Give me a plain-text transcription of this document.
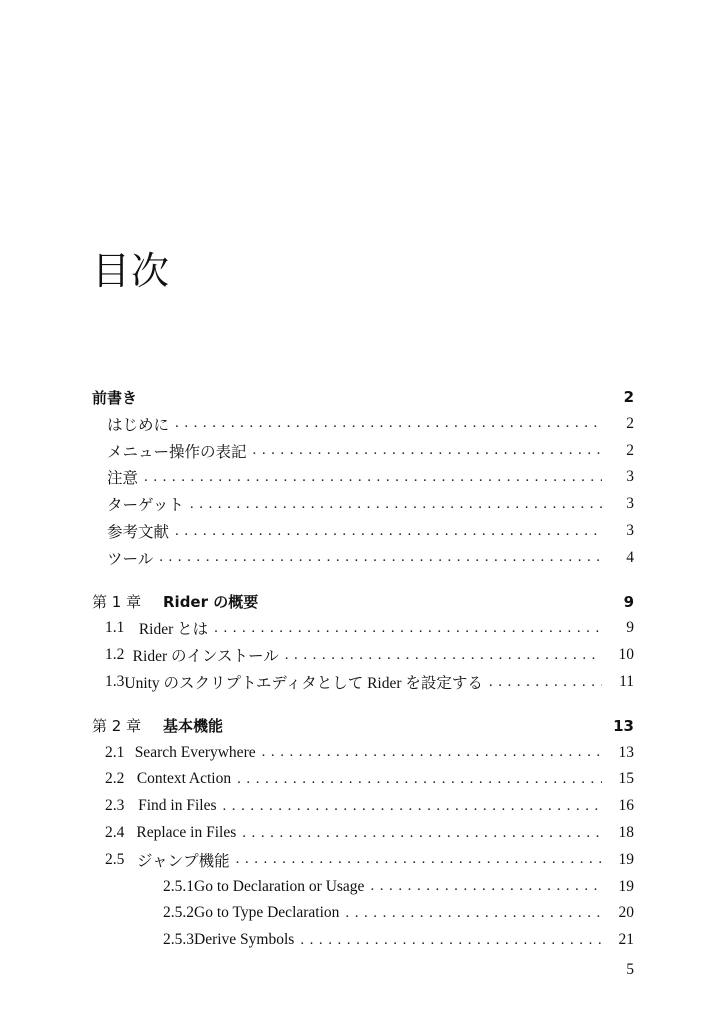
目次
前書き	2
はじめに . . .	2
メニュー操作の表記 . . .	2
注意 . . .	3
ターゲット . . .	3
参考文献 . . .	3
ツール . . .	4
第 1 章	Rider の概要	9
1.1 Rider とは . . .	9
1.2 Rider のインストール . . .	10
1.3 Unity のスクリプトエディタとして Rider を設定する . . .	11
第 2 章	基本機能	13
2.1 Search Everywhere . . .	13
2.2 Context Action . . .	15
2.3 Find in Files . . .	16
2.4 Replace in Files . . .	18
2.5 ジャンプ機能 . . .	19
2.5.1 Go to Declaration or Usage . . .	19
2.5.2 Go to Type Declaration . . .	20
2.5.3 Derive Symbols . . .	21
5
